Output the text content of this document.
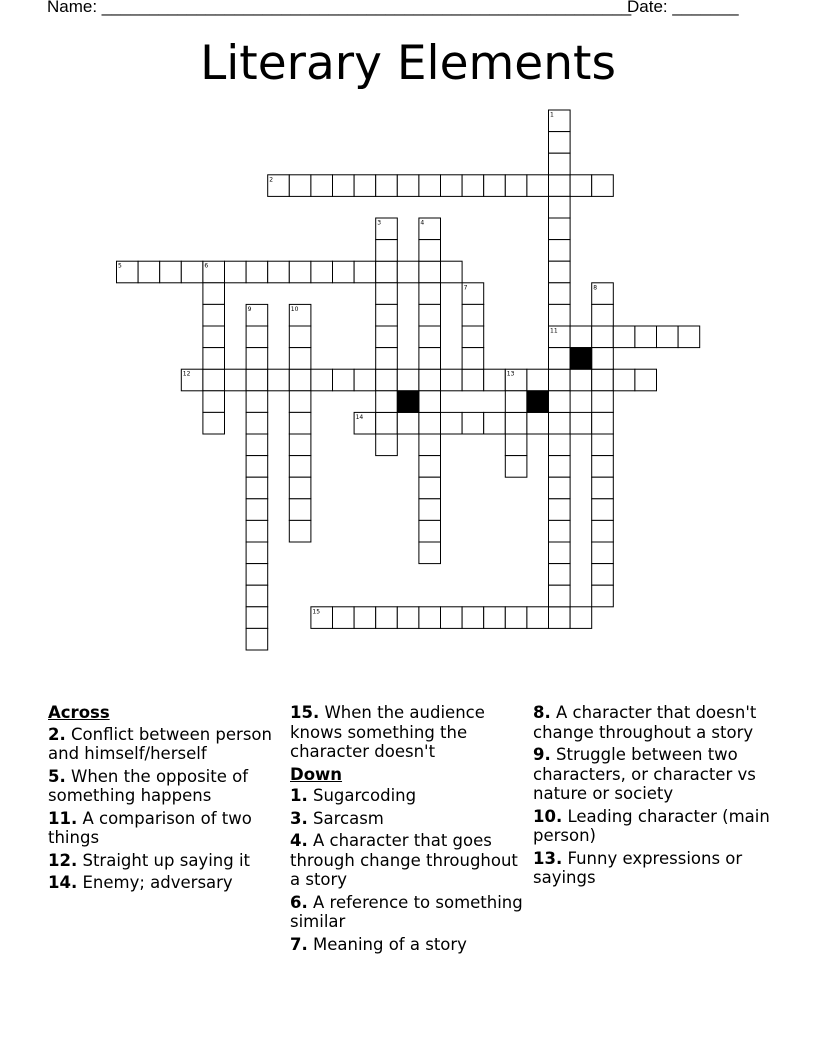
Name: ________________________________________________________
Date: _______
Literary Elements
2
5	6
11
12	13
14
15
1
3	4
7	8
9	10
Across
2. Conflict between person and himself/herself
5. When the opposite of something happens
11. A comparison of two things
12. Straight up saying it
14. Enemy; adversary
15. When the audience knows something the character doesn't
Down
1. Sugarcoding
3. Sarcasm
4. A character that goes through change throughout a story
6. A reference to something similar
7. Meaning of a story
8. A character that doesn't change throughout a story
9. Struggle between two characters, or character vs nature or society
10. Leading character (main person)
13. Funny expressions or sayings
